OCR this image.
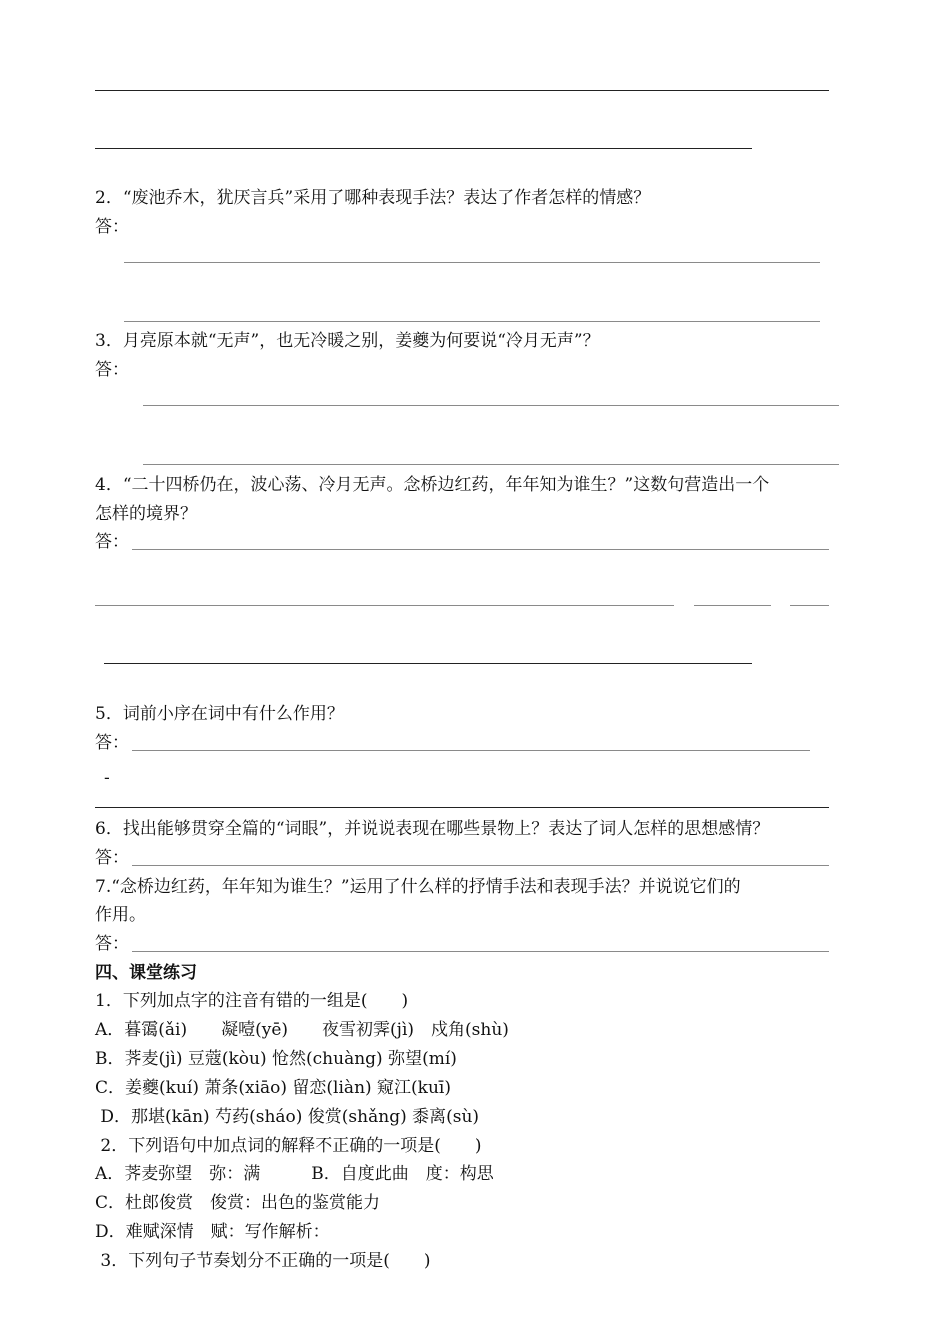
2．“废池乔木，犹厌言兵”采用了哪种表现手法？表达了作者怎样的情感？
答：
3．月亮原本就“无声”，也无冷暖之别，姜夔为何要说“冷月无声”？
答：
4．“二十四桥仍在，波心荡、冷月无声。念桥边红药，年年知为谁生？”这数句营造出一个
怎样的境界？
答：
5．词前小序在词中有什么作用？
答：
-
6．找出能够贯穿全篇的“词眼”，并说说表现在哪些景物上？表达了词人怎样的思想感情？
答：
7.“念桥边红药，年年知为谁生？”运用了什么样的抒情手法和表现手法？并说说它们的
作用。
答：
四、课堂练习
1．下列加点字的注音有错的一组是(　　)
A．暮霭(ǎi)　　凝噎(yē)　　夜雪初霁(jì)　戍角(shù)
B．荠麦(jì) 豆蔻(kòu) 怆然(chuàng) 弥望(mí)
C．姜夔(kuí) 萧条(xiāo) 留恋(liàn) 窥江(kuī)
D．那堪(kān) 芍药(sháo) 俊赏(shǎng) 黍离(sù)
2．下列语句中加点词的解释不正确的一项是(　　)
A．荠麦弥望　弥：满　　　B．自度此曲　度：构思
C．杜郎俊赏　俊赏：出色的鉴赏能力
D．难赋深情　赋：写作解析：
3．下列句子节奏划分不正确的一项是(　　)
